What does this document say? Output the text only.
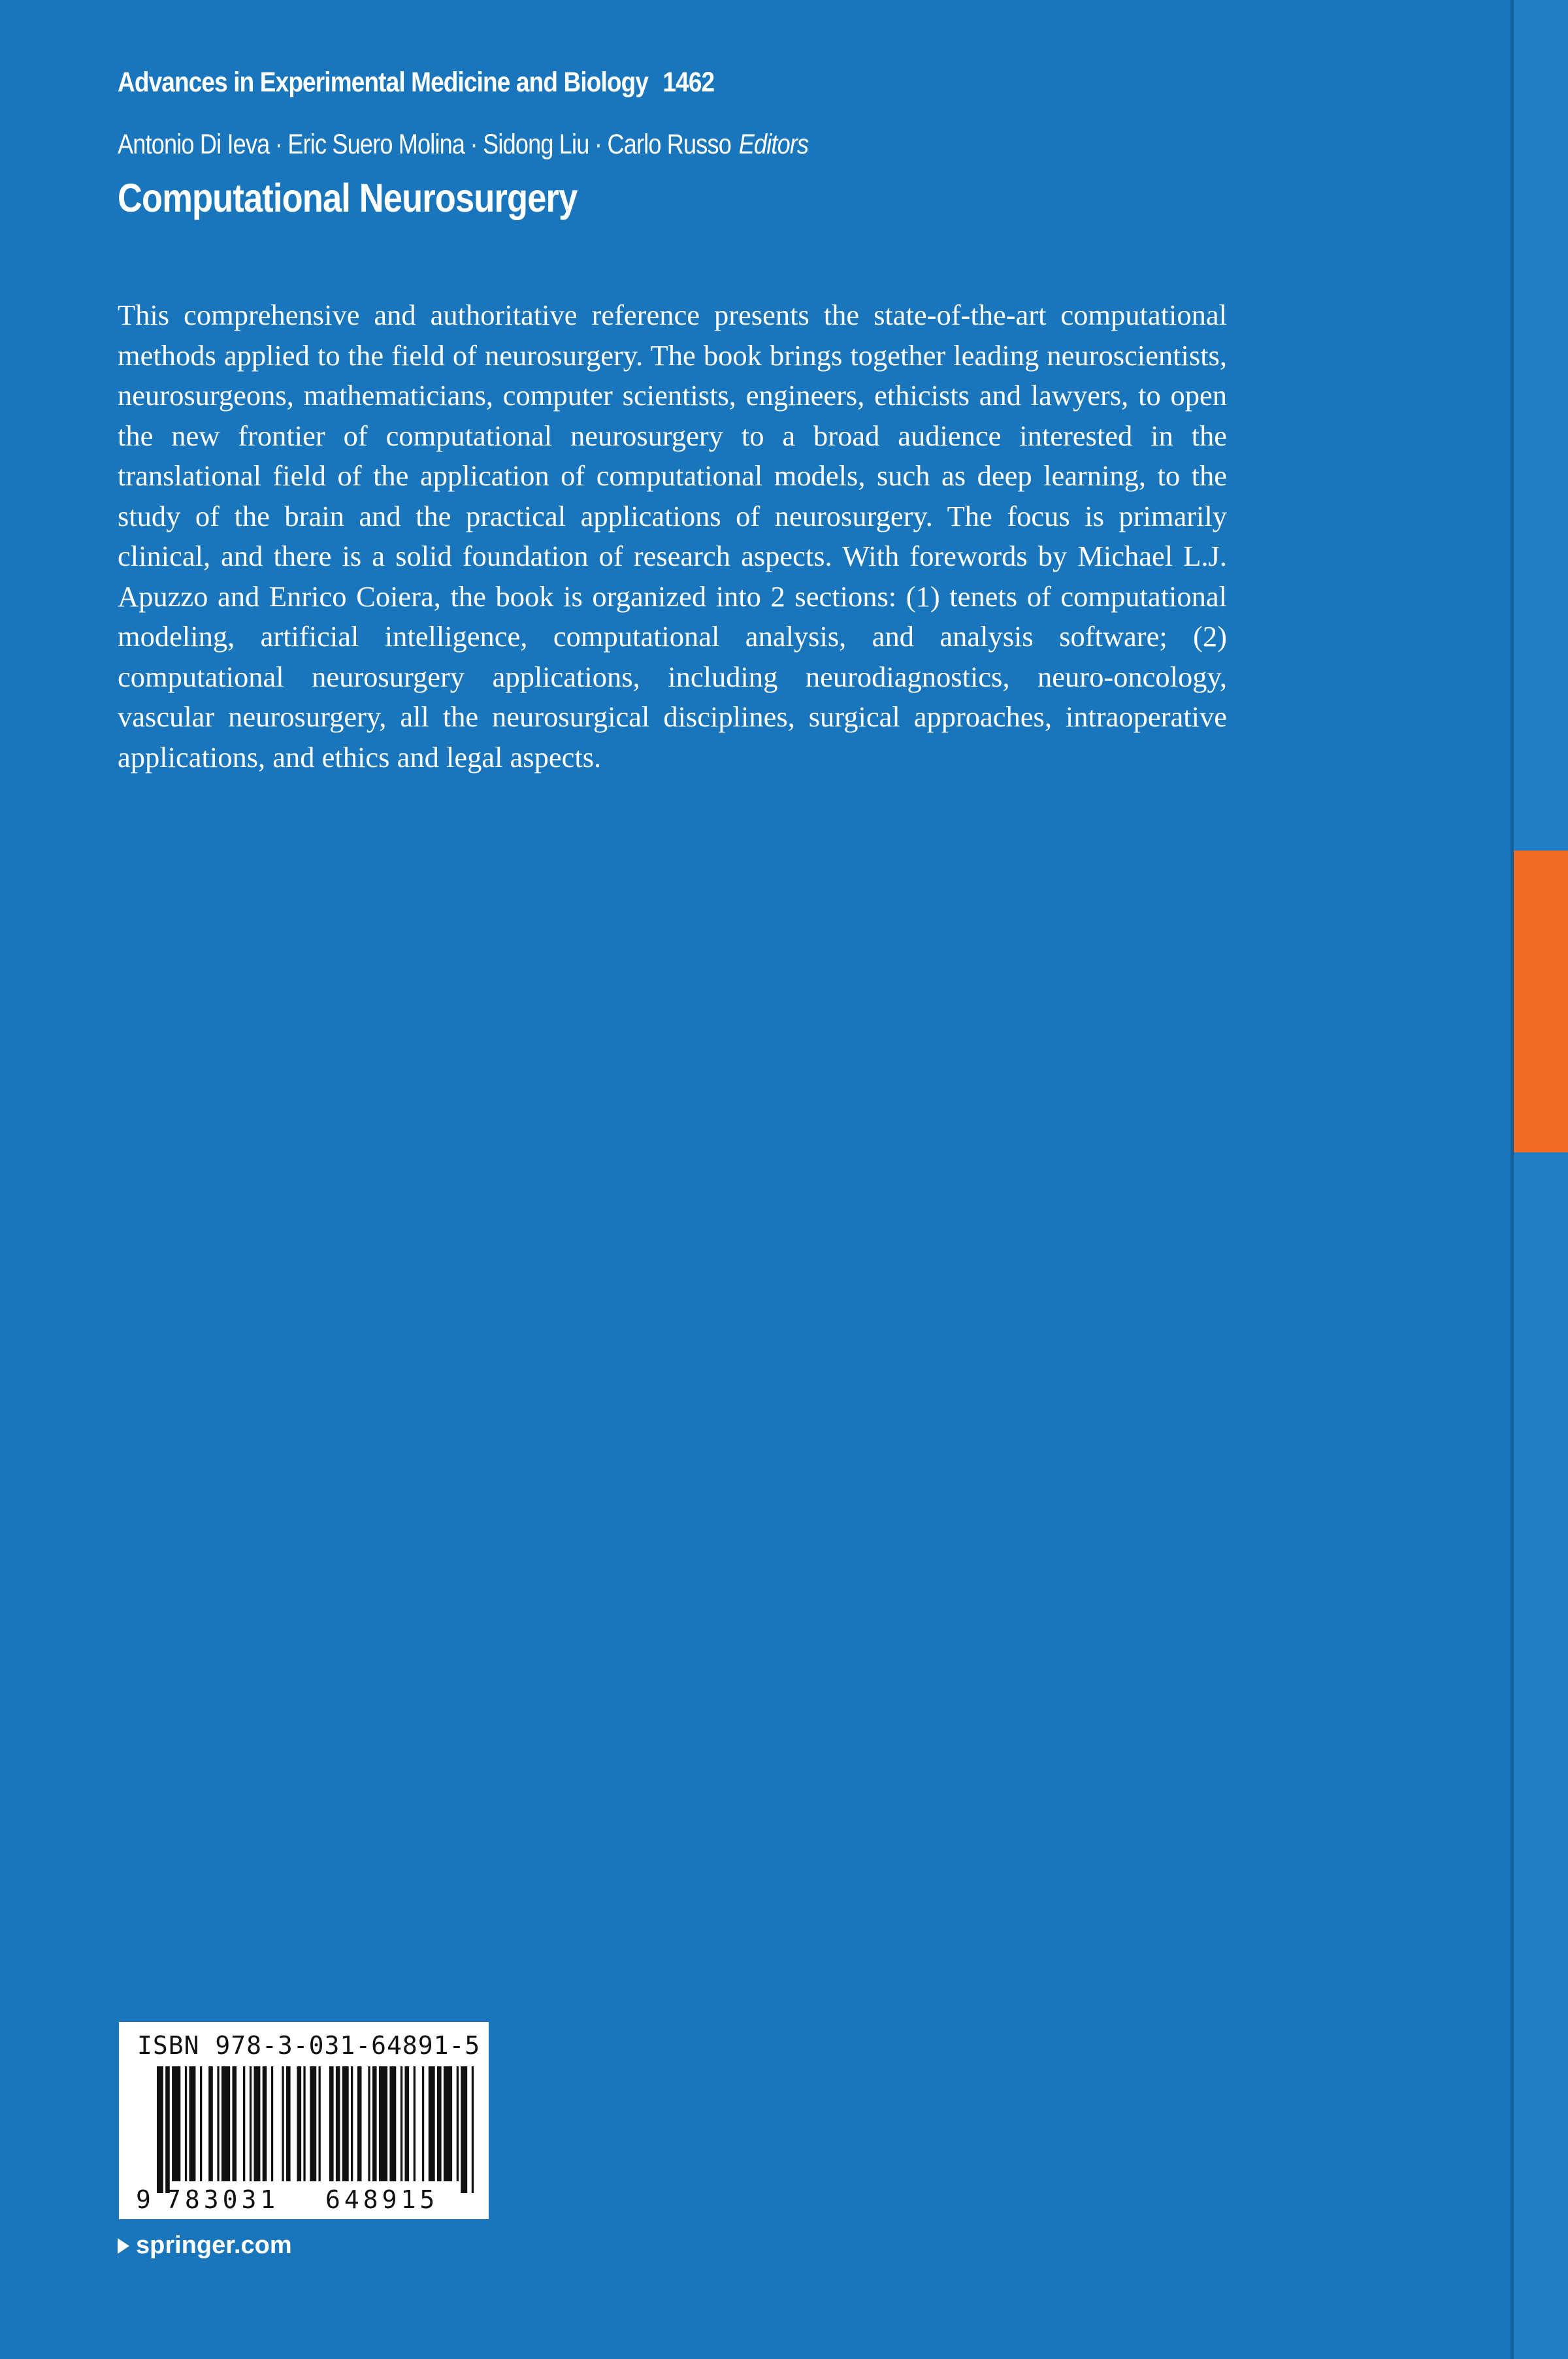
Advances in Experimental Medicine and Biology 1462
Antonio Di Ieva · Eric Suero Molina · Sidong Liu · Carlo Russo Editors
Computational Neurosurgery

This comprehensive and authoritative reference presents the state-of-the-art computational methods applied to the field of neurosurgery. The book brings together leading neuroscientists, neurosurgeons, mathematicians, computer scientists, engineers, ethicists and lawyers, to open the new frontier of computational neurosurgery to a broad audience interested in the translational field of the application of computational models, such as deep learning, to the study of the brain and the practical applications of neurosurgery. The focus is primarily clinical, and there is a solid foundation of research aspects. With forewords by Michael L.J. Apuzzo and Enrico Coiera, the book is organized into 2 sections: (1) tenets of computational modeling, artificial intelligence, computational analysis, and analysis software; (2) computational neurosurgery applications, including neurodiagnostics, neuro-oncology, vascular neurosurgery, all the neurosurgical disciplines, surgical approaches, intraoperative applications, and ethics and legal aspects.

ISBN 978-3-031-64891-5
9 783031 648915
springer.com
